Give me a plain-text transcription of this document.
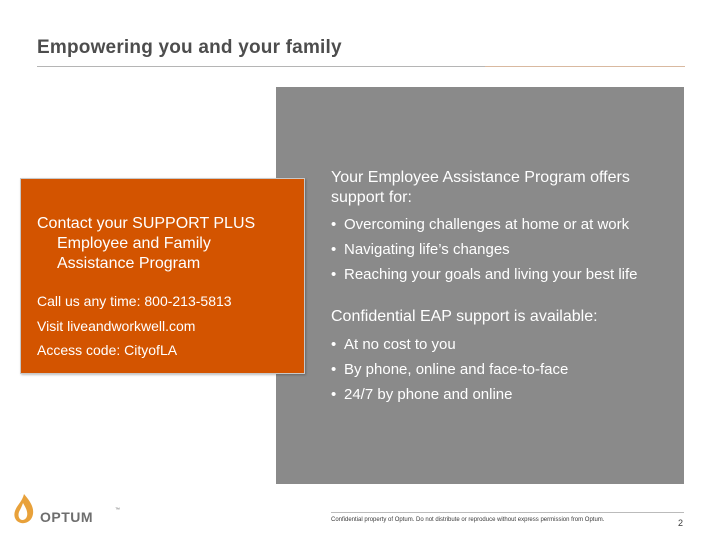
Empowering you and your family
Contact your SUPPORT PLUS
Employee and Family
Assistance Program
Call us any time: 800-213-5813
Visit liveandworkwell.com
Access code: CityofLA
Your Employee Assistance Program offers support for:
• Overcoming challenges at home or at work
• Navigating life’s changes
• Reaching your goals and living your best life
Confidential EAP support is available:
• At no cost to you
• By phone, online and face-to-face
• 24/7 by phone and online
OPTUM	™
Confidential property of Optum. Do not distribute or reproduce without express permission from Optum.	2
